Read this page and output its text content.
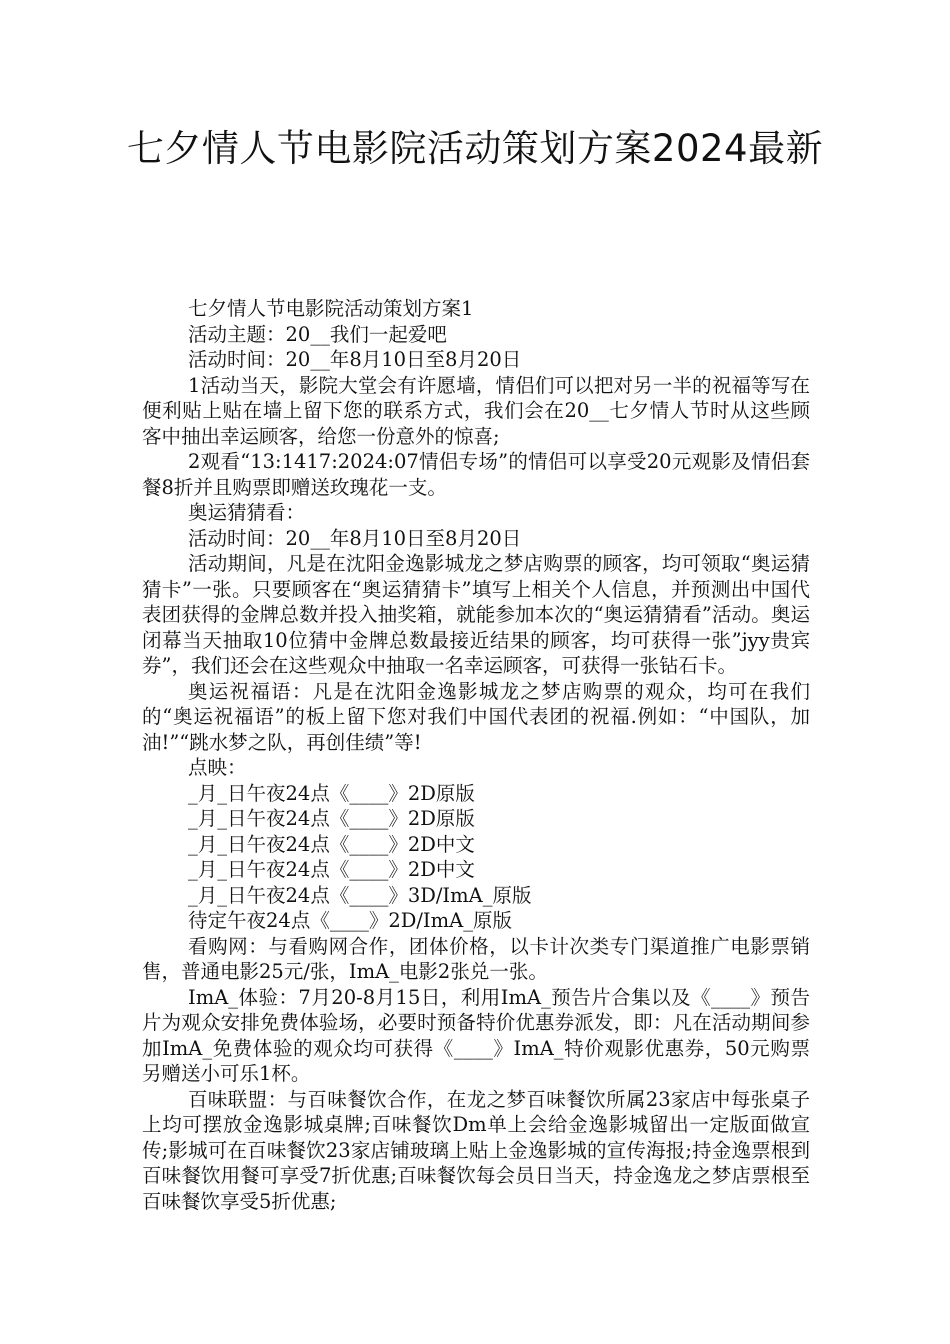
七夕情人节电影院活动策划方案2024最新

七夕情人节电影院活动策划方案1

活动主题：20__我们一起爱吧

活动时间：20__年8月10日至8月20日

1活动当天，影院大堂会有许愿墙，情侣们可以把对另一半的祝福等写在便利贴上贴在墙上留下您的联系方式，我们会在20__七夕情人节时从这些顾客中抽出幸运顾客，给您一份意外的惊喜;

2观看“13:1417:2024:07情侣专场”的情侣可以享受20元观影及情侣套餐8折并且购票即赠送玫瑰花一支。

奥运猜猜看：

活动时间：20__年8月10日至8月20日

活动期间，凡是在沈阳金逸影城龙之梦店购票的顾客，均可领取“奥运猜猜卡”一张。只要顾客在“奥运猜猜卡”填写上相关个人信息，并预测出中国代表团获得的金牌总数并投入抽奖箱，就能参加本次的“奥运猜猜看”活动。奥运闭幕当天抽取10位猜中金牌总数最接近结果的顾客，均可获得一张”jyy贵宾券”，我们还会在这些观众中抽取一名幸运顾客，可获得一张钻石卡。

奥运祝福语：凡是在沈阳金逸影城龙之梦店购票的观众，均可在我们的“奥运祝福语”的板上留下您对我们中国代表团的祝福.例如：“中国队，加油!”“跳水梦之队，再创佳绩”等!

点映：

_月_日午夜24点《____》2D原版

_月_日午夜24点《____》2D原版

_月_日午夜24点《____》2D中文

_月_日午夜24点《____》2D中文

_月_日午夜24点《____》3D/ImA_原版

待定午夜24点《____》2D/ImA_原版

看购网：与看购网合作，团体价格，以卡计次类专门渠道推广电影票销售，普通电影25元/张，ImA_电影2张兑一张。

ImA_体验：7月20-8月15日，利用ImA_预告片合集以及《____》预告片为观众安排免费体验场，必要时预备特价优惠券派发，即：凡在活动期间参加ImA_免费体验的观众均可获得《____》ImA_特价观影优惠券，50元购票另赠送小可乐1杯。

百味联盟：与百味餐饮合作，在龙之梦百味餐饮所属23家店中每张桌子上均可摆放金逸影城桌牌;百味餐饮Dm单上会给金逸影城留出一定版面做宣传;影城可在百味餐饮23家店铺玻璃上贴上金逸影城的宣传海报;持金逸票根到百味餐饮用餐可享受7折优惠;百味餐饮每会员日当天，持金逸龙之梦店票根至百味餐饮享受5折优惠;
